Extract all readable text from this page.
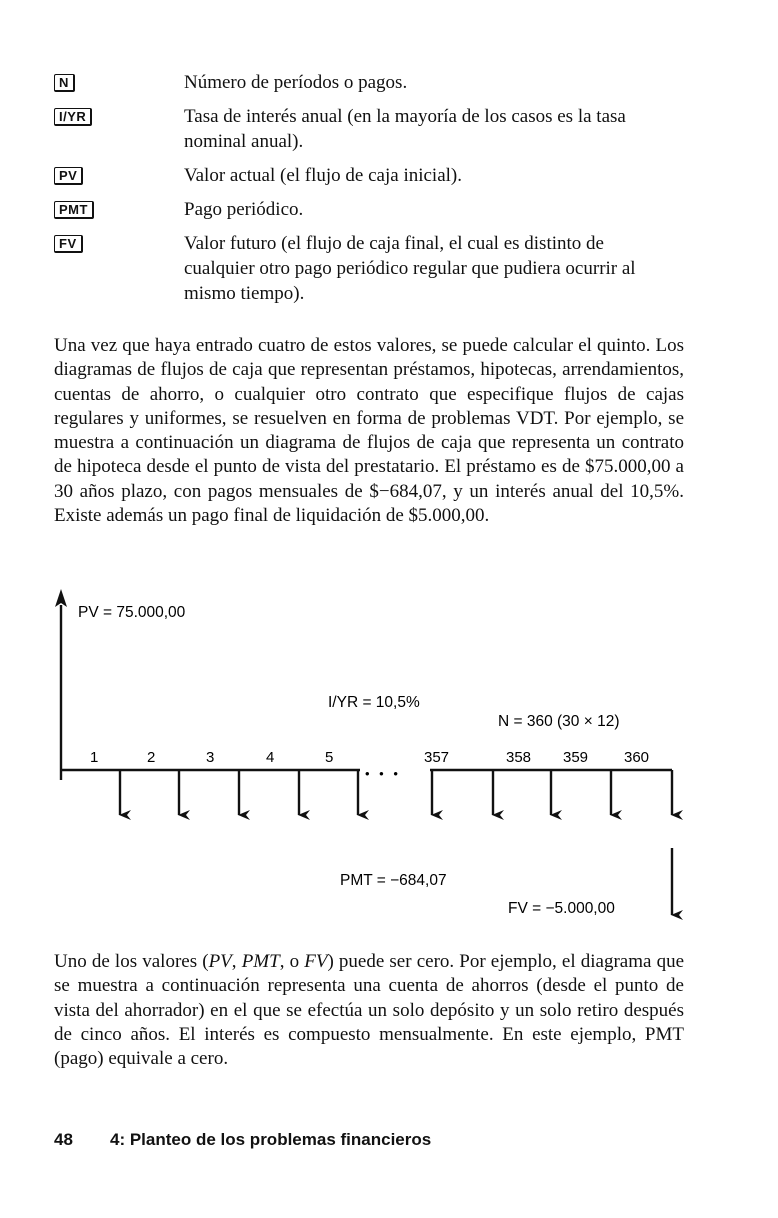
N	Número de períodos o pagos.
I/YR	Tasa de interés anual (en la mayoría de los casos es la tasa nominal anual).
PV	Valor actual (el flujo de caja inicial).
PMT	Pago periódico.
FV	Valor futuro (el flujo de caja final, el cual es distinto de cualquier otro pago periódico regular que pudiera ocurrir al mismo tiempo).

Una vez que haya entrado cuatro de estos valores, se puede calcular el quinto. Los diagramas de flujos de caja que representan préstamos, hipotecas, arrendamientos, cuentas de ahorro, o cualquier otro contrato que especifique flujos de cajas regulares y uniformes, se resuelven en forma de problemas VDT. Por ejemplo, se muestra a continuación un diagrama de flujos de caja que representa un contrato de hipoteca desde el punto de vista del prestatario. El préstamo es de $75.000,00 a 30 años plazo, con pagos mensuales de $−684,07, y un interés anual del 10,5%. Existe además un pago final de liquidación de $5.000,00.

PV = 75.000,00
I/YR = 10,5%
N = 360 (30 × 12)
1	2	3	4	5	357	358 359 360
• • •
PMT = −684,07
FV = −5.000,00

Uno de los valores (PV, PMT, o FV) puede ser cero. Por ejemplo, el diagrama que se muestra a continuación representa una cuenta de ahorros (desde el punto de vista del ahorrador) en el que se efectúa un solo depósito y un solo retiro después de cinco años. El interés es compuesto mensualmente. En este ejemplo, PMT (pago) equivale a cero.

48 4: Planteo de los problemas financieros
